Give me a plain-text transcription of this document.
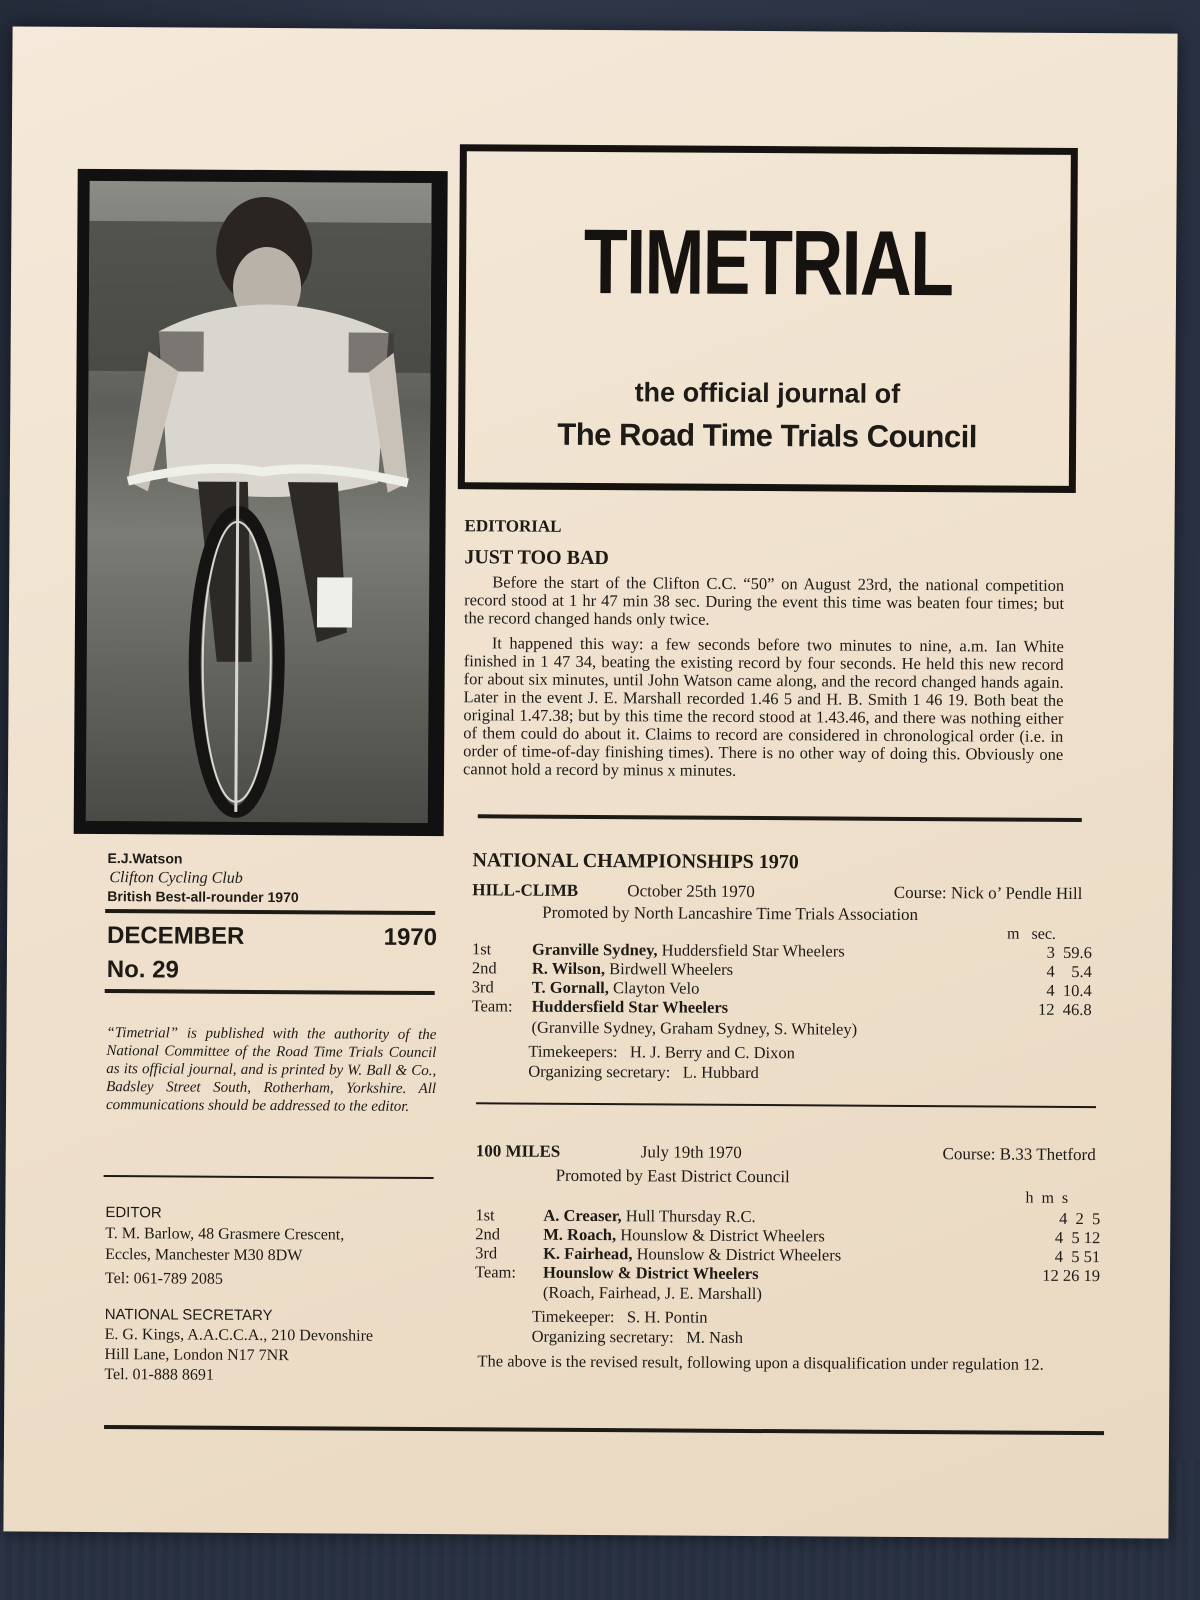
E.J.Watson
Clifton Cycling Club
British Best-all-rounder 1970
TIMETRIAL
the official journal of
The Road Time Trials Council
DECEMBER	1970
No. 29
“Timetrial” is published with the authority of the National Committee of the Road Time Trials Council as its official journal, and is printed by W. Ball & Co., Badsley Street South, Rotherham, Yorkshire. All communications should be addressed to the editor.
EDITOR
T. M. Barlow, 48 Grasmere Crescent,
Eccles, Manchester M30 8DW
Tel: 061-789 2085
NATIONAL SECRETARY
E. G. Kings, A.A.C.C.A., 210 Devonshire
Hill Lane, London N17 7NR
Tel. 01-888 8691
EDITORIAL
JUST TOO BAD

Before the start of the Clifton C.C. “50” on August 23rd, the national competition record stood at 1 hr 47 min 38 sec. During the event this time was beaten four times; but the record changed hands only twice.

It happened this way: a few seconds before two minutes to nine, a.m. Ian White finished in 1 47 34, beating the existing record by four seconds. He held this new record for about six minutes, until John Watson came along, and the record changed hands again. Later in the event J. E. Marshall recorded 1.46 5 and H. B. Smith 1 46 19. Both beat the original 1.47.38; but by this time the record stood at 1.43.46, and there was nothing either of them could do about it. Claims to record are considered in chronological order (i.e. in order of time-of-day finishing times). There is no other way of doing this. Obviously one cannot hold a record by minus x minutes.

NATIONAL CHAMPIONSHIPS 1970
HILL-CLIMB	October 25th 1970	Course: Nick o’ Pendle Hill
Promoted by North Lancashire Time Trials Association
m   sec.
1st Granville Sydney, Huddersfield Star Wheelers	3  59.6
2nd R. Wilson, Birdwell Wheelers	4    5.4
3rd T. Gornall, Clayton Velo	4  10.4
Team: Huddersfield Star Wheelers	12  46.8
(Granville Sydney, Graham Sydney, S. Whiteley)
Timekeepers:   H. J. Berry and C. Dixon
Organizing secretary:   L. Hubbard
100 MILES	July 19th 1970	Course: B.33 Thetford
Promoted by East District Council
h  m  s
1st	A. Creaser, Hull Thursday R.C.	4  2  5
2nd	M. Roach, Hounslow & District Wheelers	4  5 12
3rd	K. Fairhead, Hounslow & District Wheelers	4  5 51
Team: Hounslow & District Wheelers	12 26 19
(Roach, Fairhead, J. E. Marshall)
Timekeeper:   S. H. Pontin
Organizing secretary:   M. Nash
The above is the revised result, following upon a disqualification under regulation 12.
